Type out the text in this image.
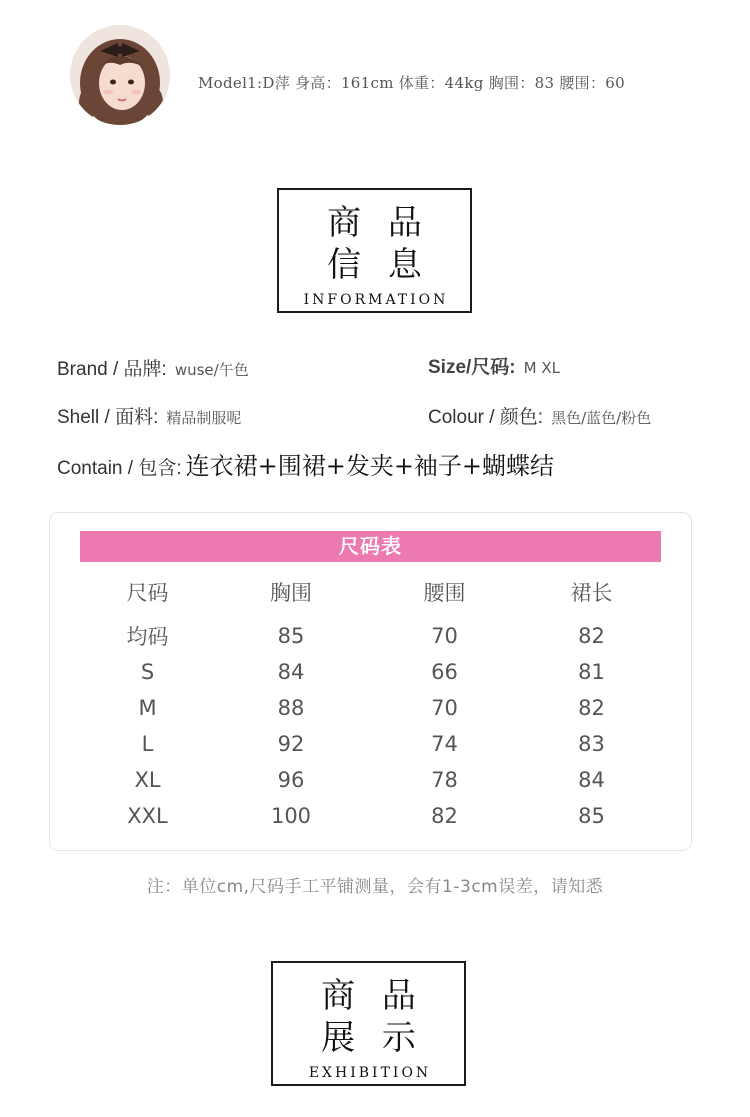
Model1:D萍 身高：161cm 体重：44kg 胸围：83 腰围：60
商 品
信 息
INFORMATION
Brand / 品牌: wuse/午色	Size/尺码: M XL
Shell / 面料: 精品制服呢	Colour / 颜色: 黑色/蓝色/粉色
Contain / 包含: 连衣裙+围裙+发夹+袖子+蝴蝶结
尺码表
尺码	胸围	腰围	裙长
均码	85	70	82
S	84	66	81
M	88	70	82
L	92	74	83
XL	96	78	84
XXL	100	82	85
注：单位cm,尺码手工平铺测量，会有1-3cm误差，请知悉
商 品
展 示
EXHIBITION
